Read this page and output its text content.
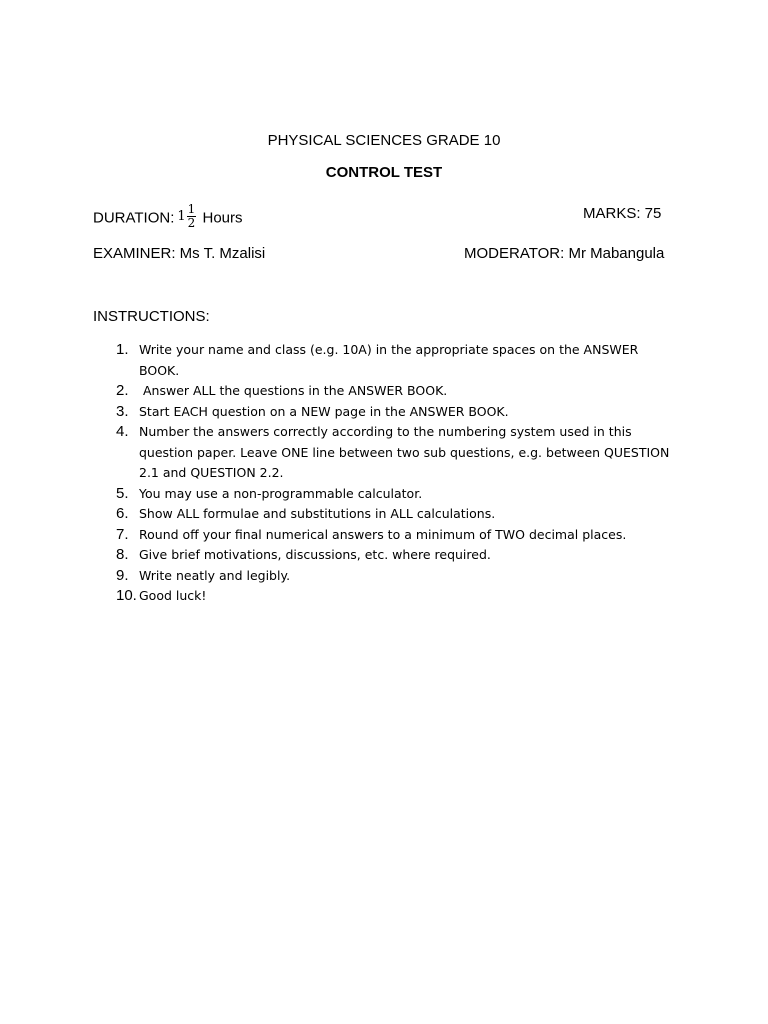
PHYSICAL SCIENCES GRADE 10
CONTROL TEST
DURATION: $1 \frac{1}{2}$ Hours	MARKS: 75
EXAMINER: Ms T. Mzalisi	MODERATOR: Mr Mabangula
INSTRUCTIONS:
1. Write your name and class (e.g. 10A) in the appropriate spaces on the ANSWER BOOK.
2. Answer ALL the questions in the ANSWER BOOK.
3. Start EACH question on a NEW page in the ANSWER BOOK.
4. Number the answers correctly according to the numbering system used in this question paper. Leave ONE line between two sub questions, e.g. between QUESTION 2.1 and QUESTION 2.2.
5. You may use a non-programmable calculator.
6. Show ALL formulae and substitutions in ALL calculations.
7. Round off your final numerical answers to a minimum of TWO decimal places.
8. Give brief motivations, discussions, etc. where required.
9. Write neatly and legibly.
10. Good luck!
